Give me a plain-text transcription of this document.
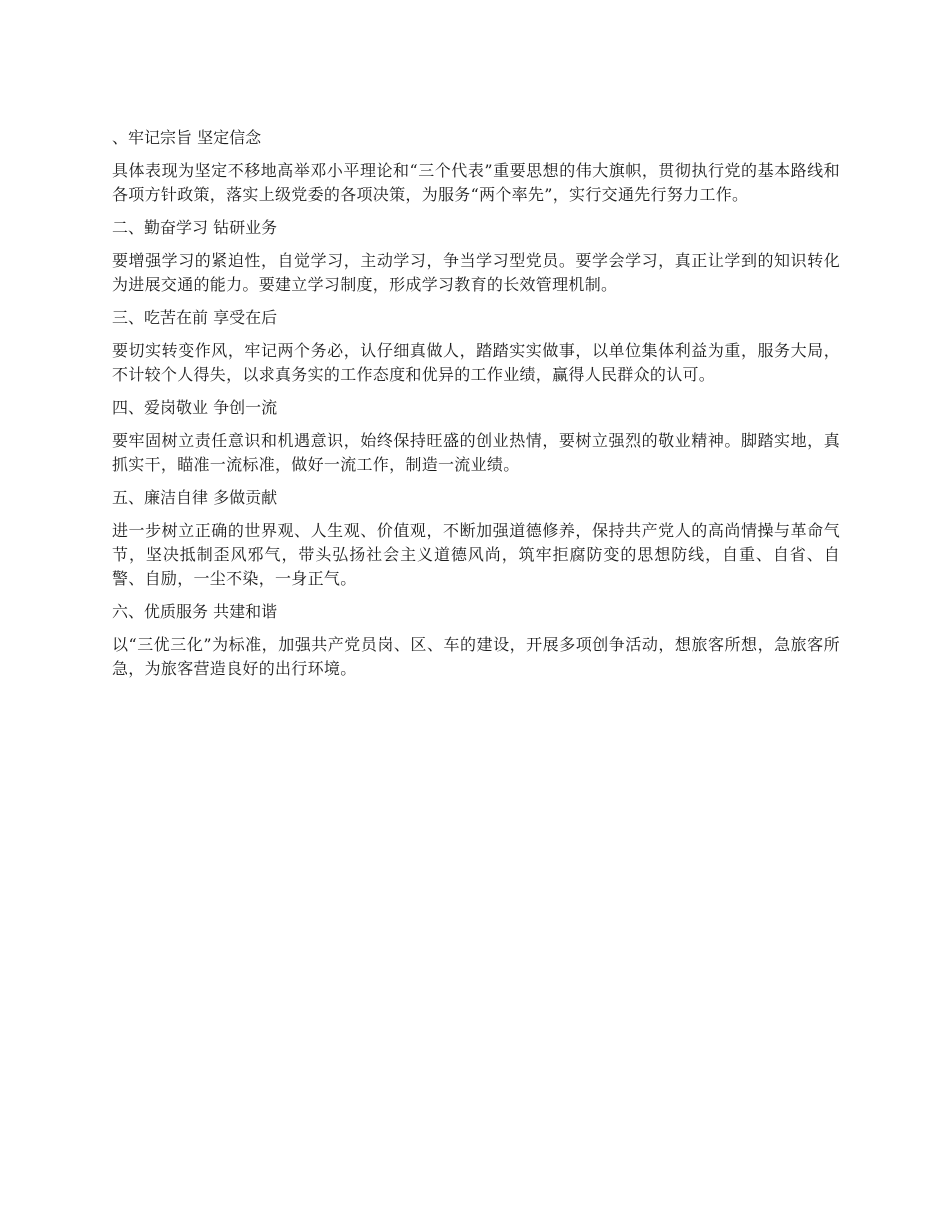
、牢记宗旨 坚定信念

具体表现为坚定不移地高举邓小平理论和“三个代表”重要思想的伟大旗帜，贯彻执行党的基本路线和各项方针政策，落实上级党委的各项决策，为服务“两个率先”，实行交通先行努力工作。

二、勤奋学习 钻研业务

要增强学习的紧迫性，自觉学习，主动学习，争当学习型党员。要学会学习，真正让学到的知识转化为进展交通的能力。要建立学习制度，形成学习教育的长效管理机制。

三、吃苦在前 享受在后

要切实转变作风，牢记两个务必，认仔细真做人，踏踏实实做事，以单位集体利益为重，服务大局，不计较个人得失，以求真务实的工作态度和优异的工作业绩，赢得人民群众的认可。

四、爱岗敬业 争创一流

要牢固树立责任意识和机遇意识，始终保持旺盛的创业热情，要树立强烈的敬业精神。脚踏实地，真抓实干，瞄准一流标准，做好一流工作，制造一流业绩。

五、廉洁自律 多做贡献

进一步树立正确的世界观、人生观、价值观，不断加强道德修养，保持共产党人的高尚情操与革命气节，坚决抵制歪风邪气，带头弘扬社会主义道德风尚，筑牢拒腐防变的思想防线，自重、自省、自警、自励，一尘不染，一身正气。

六、优质服务 共建和谐

以“三优三化”为标准，加强共产党员岗、区、车的建设，开展多项创争活动，想旅客所想，急旅客所急，为旅客营造良好的出行环境。
